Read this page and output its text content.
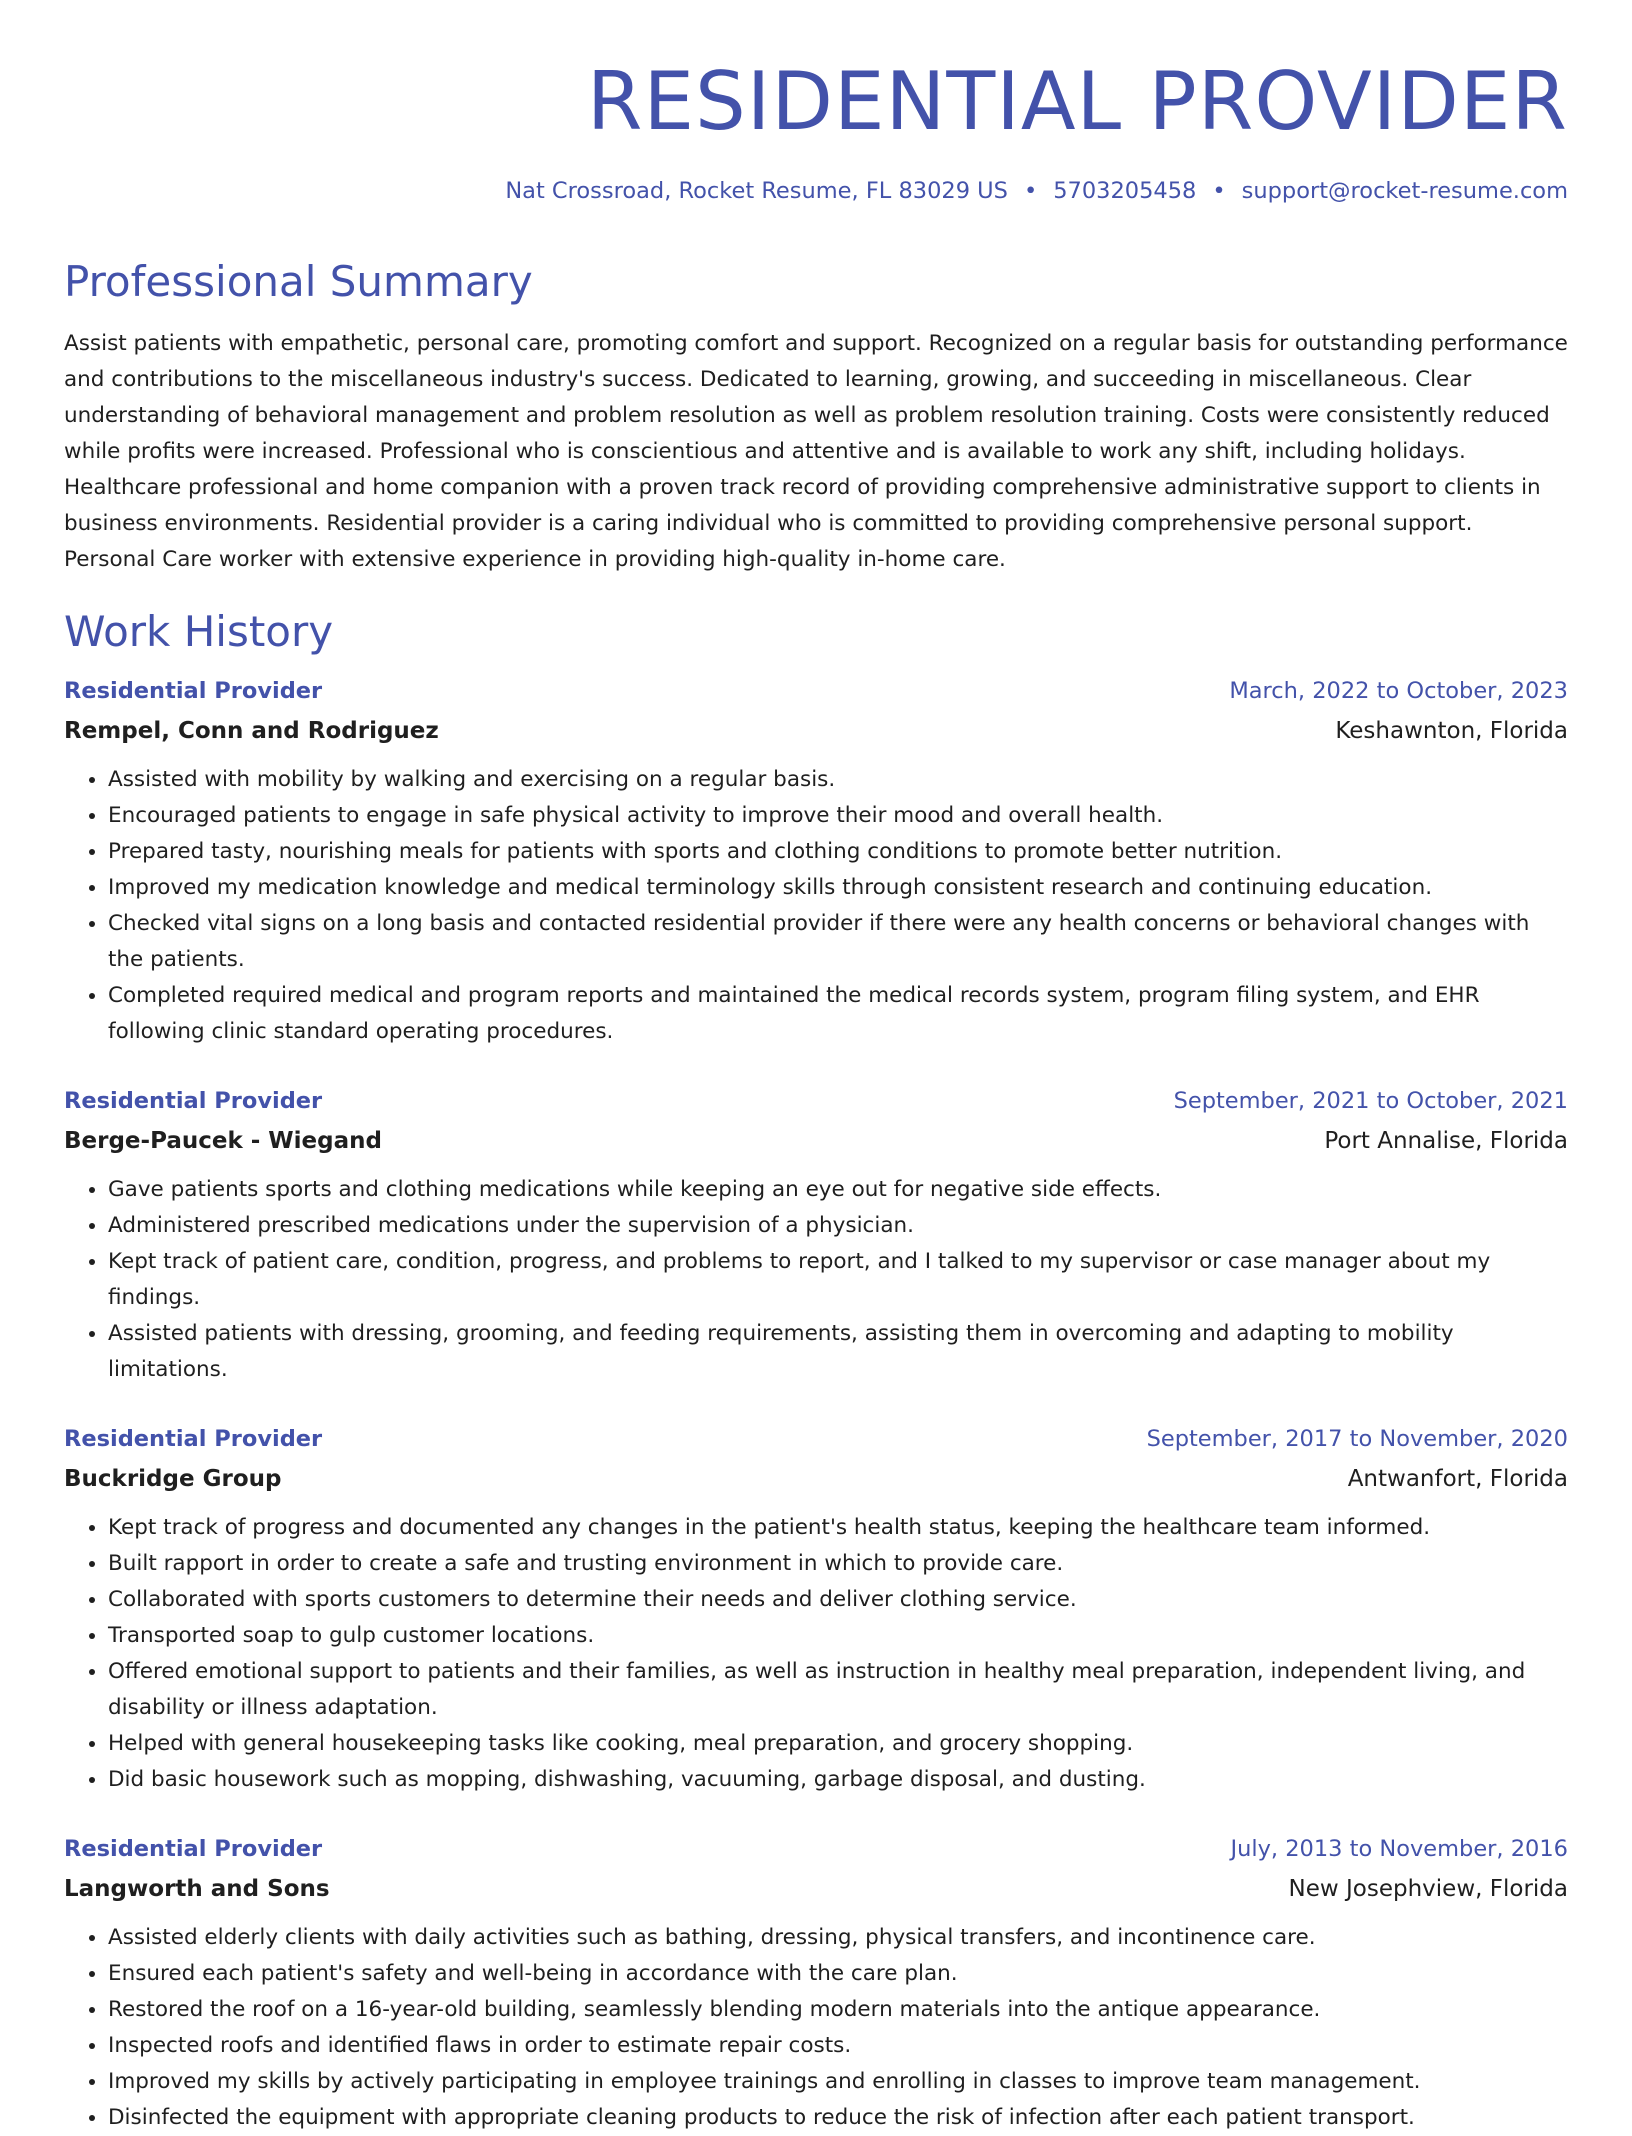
RESIDENTIAL PROVIDER
Nat Crossroad, Rocket Resume, FL 83029 US • 5703205458 • support@rocket-resume.com
Professional Summary
Assist patients with empathetic, personal care, promoting comfort and support. Recognized on a regular basis for outstanding performance and contributions to the miscellaneous industry's success. Dedicated to learning, growing, and succeeding in miscellaneous. Clear understanding of behavioral management and problem resolution as well as problem resolution training. Costs were consistently reduced while profits were increased. Professional who is conscientious and attentive and is available to work any shift, including holidays. Healthcare professional and home companion with a proven track record of providing comprehensive administrative support to clients in business environments. Residential provider is a caring individual who is committed to providing comprehensive personal support. Personal Care worker with extensive experience in providing high-quality in-home care.
Work History
Residential Provider	March, 2022 to October, 2023
Rempel, Conn and Rodriguez	Keshawnton, Florida
• Assisted with mobility by walking and exercising on a regular basis.
• Encouraged patients to engage in safe physical activity to improve their mood and overall health.
• Prepared tasty, nourishing meals for patients with sports and clothing conditions to promote better nutrition.
• Improved my medication knowledge and medical terminology skills through consistent research and continuing education.
• Checked vital signs on a long basis and contacted residential provider if there were any health concerns or behavioral changes with the patients.
• Completed required medical and program reports and maintained the medical records system, program filing system, and EHR following clinic standard operating procedures.
Residential Provider	September, 2021 to October, 2021
Berge-Paucek - Wiegand	Port Annalise, Florida
• Gave patients sports and clothing medications while keeping an eye out for negative side effects.
• Administered prescribed medications under the supervision of a physician.
• Kept track of patient care, condition, progress, and problems to report, and I talked to my supervisor or case manager about my findings.
• Assisted patients with dressing, grooming, and feeding requirements, assisting them in overcoming and adapting to mobility limitations.
Residential Provider	September, 2017 to November, 2020
Buckridge Group	Antwanfort, Florida
• Kept track of progress and documented any changes in the patient's health status, keeping the healthcare team informed.
• Built rapport in order to create a safe and trusting environment in which to provide care.
• Collaborated with sports customers to determine their needs and deliver clothing service.
• Transported soap to gulp customer locations.
• Offered emotional support to patients and their families, as well as instruction in healthy meal preparation, independent living, and disability or illness adaptation.
• Helped with general housekeeping tasks like cooking, meal preparation, and grocery shopping.
• Did basic housework such as mopping, dishwashing, vacuuming, garbage disposal, and dusting.
Residential Provider	July, 2013 to November, 2016
Langworth and Sons	New Josephview, Florida
• Assisted elderly clients with daily activities such as bathing, dressing, physical transfers, and incontinence care.
• Ensured each patient's safety and well-being in accordance with the care plan.
• Restored the roof on a 16-year-old building, seamlessly blending modern materials into the antique appearance.
• Inspected roofs and identified flaws in order to estimate repair costs.
• Improved my skills by actively participating in employee trainings and enrolling in classes to improve team management.
• Disinfected the equipment with appropriate cleaning products to reduce the risk of infection after each patient transport.
